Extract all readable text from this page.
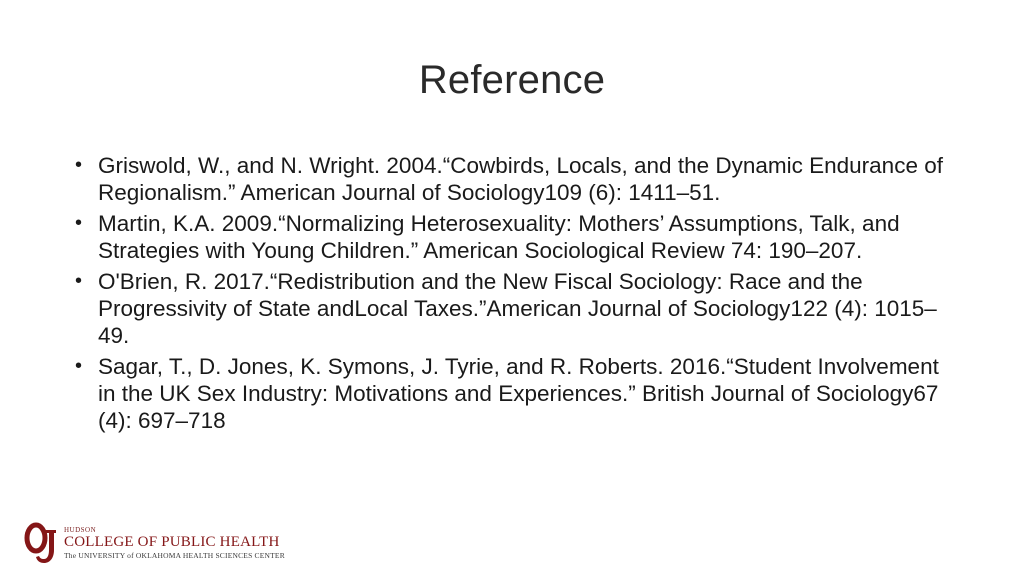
Reference
• Griswold, W., and N. Wright. 2004.“Cowbirds, Locals, and the Dynamic Endurance of Regionalism.” American Journal of Sociology109 (6): 1411–51.
• Martin, K.A. 2009.“Normalizing Heterosexuality: Mothers’ Assumptions, Talk, and Strategies with Young Children.” American Sociological Review 74: 190–207.
• O'Brien, R. 2017.“Redistribution and the New Fiscal Sociology: Race and the Progressivity of State andLocal Taxes.”American Journal of Sociology122 (4): 1015–49.
• Sagar, T., D. Jones, K. Symons, J. Tyrie, and R. Roberts. 2016.“Student Involvement in the UK Sex Industry: Motivations and Experiences.” British Journal of Sociology67 (4): 697–718
HUDSON
COLLEGE OF PUBLIC HEALTH
The UNIVERSITY of OKLAHOMA HEALTH SCIENCES CENTER
